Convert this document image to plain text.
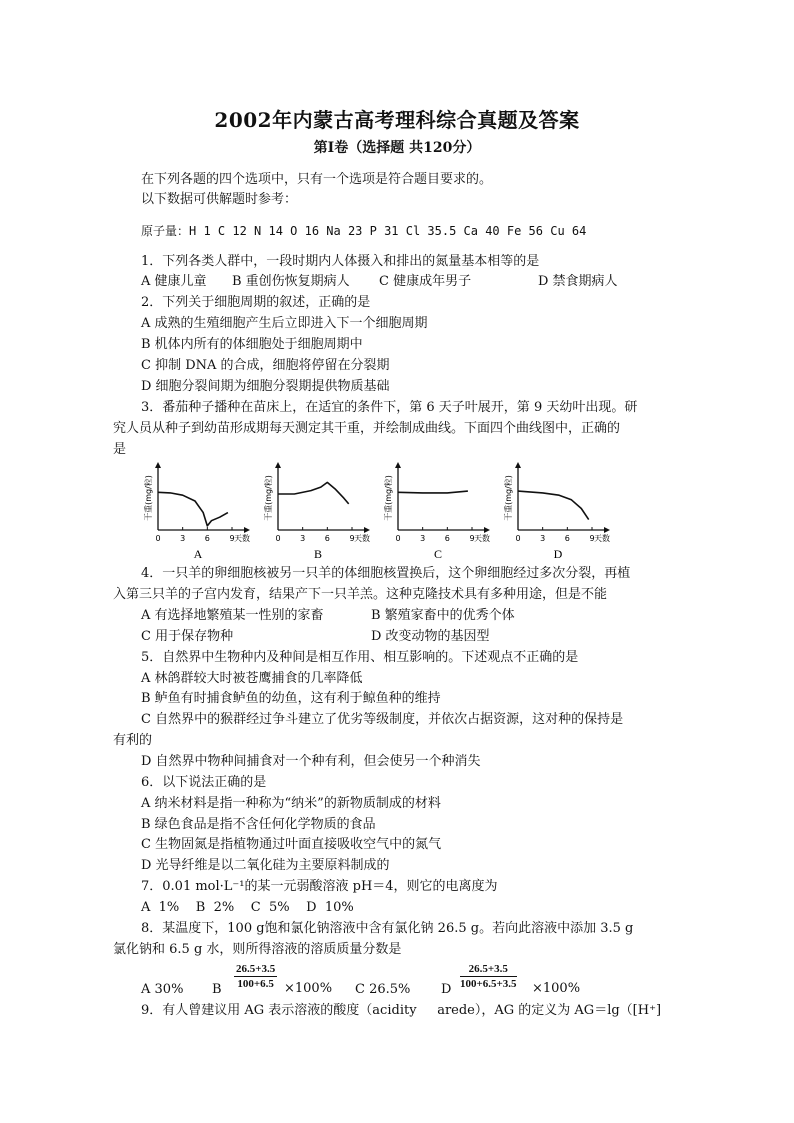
2002年内蒙古高考理科综合真题及答案
第Ⅰ卷（选择题 共120分）
在下列各题的四个选项中，只有一个选项是符合题目要求的。
以下数据可供解题时参考：
原子量：H 1 C 12 N 14 O 16 Na 23 P 31 Cl 35.5 Ca 40 Fe 56 Cu 64
1．下列各类人群中，一段时期内人体摄入和排出的氮量基本相等的是
A 健康儿童 B 重创伤恢复期病人 C 健康成年男子	D 禁食期病人
2．下列关于细胞周期的叙述，正确的是
A 成熟的生殖细胞产生后立即进入下一个细胞周期
B 机体内所有的体细胞处于细胞周期中
C 抑制 DNA 的合成，细胞将停留在分裂期
D 细胞分裂间期为细胞分裂期提供物质基础
3．番茄种子播种在苗床上，在适宜的条件下，第 6 天子叶展开，第 9 天幼叶出现。研
究人员从种子到幼苗形成期每天测定其干重，并绘制成曲线。下面四个曲线图中，正确的
是
干重(mg/粒)
0 3 6 9 天数
A
干重(mg/粒)
0 3 6 9 天数
B
干重(mg/粒)
0 3 6 9 天数
C
干重(mg/粒)
0 3 6 9 天数
D
4．一只羊的卵细胞核被另一只羊的体细胞核置换后，这个卵细胞经过多次分裂，再植
入第三只羊的子宫内发育，结果产下一只羊羔。这种克隆技术具有多种用途，但是不能
A 有选择地繁殖某一性别的家畜	B 繁殖家畜中的优秀个体
C 用于保存物种	D 改变动物的基因型
5．自然界中生物种内及种间是相互作用、相互影响的。下述观点不正确的是
A 林鸽群较大时被苍鹰捕食的几率降低
B 鲈鱼有时捕食鲈鱼的幼鱼，这有利于鲸鱼种的维持
C 自然界中的猴群经过争斗建立了优劣等级制度，并依次占据资源，这对种的保持是
有利的
D 自然界中物种间捕食对一个种有利，但会使另一个种消失
6．以下说法正确的是
A 纳米材料是指一种称为“纳米”的新物质制成的材料
B 绿色食品是指不含任何化学物质的食品
C 生物固氮是指植物通过叶面直接吸收空气中的氮气
D 光导纤维是以二氧化硅为主要原料制成的
7．0.01 mol·L⁻¹的某一元弱酸溶液 pH＝4，则它的电离度为
A  1%    B  2%    C  5%    D  10%
8．某温度下，100 g饱和氯化钠溶液中含有氯化钠 26.5 g。若向此溶液中添加 3.5 g
氯化钠和 6.5 g 水，则所得溶液的溶质质量分数是
A 30% B $\frac{26.5+3.5}{100+6.5} \times 100\%$ C 26.5% D $\frac{26.5+3.5}{100+6.5+3.5} \times 100\%$
9．有人曾建议用 AG 表示溶液的酸度（acidity     arede），AG 的定义为 AG＝lg（[H⁺]
